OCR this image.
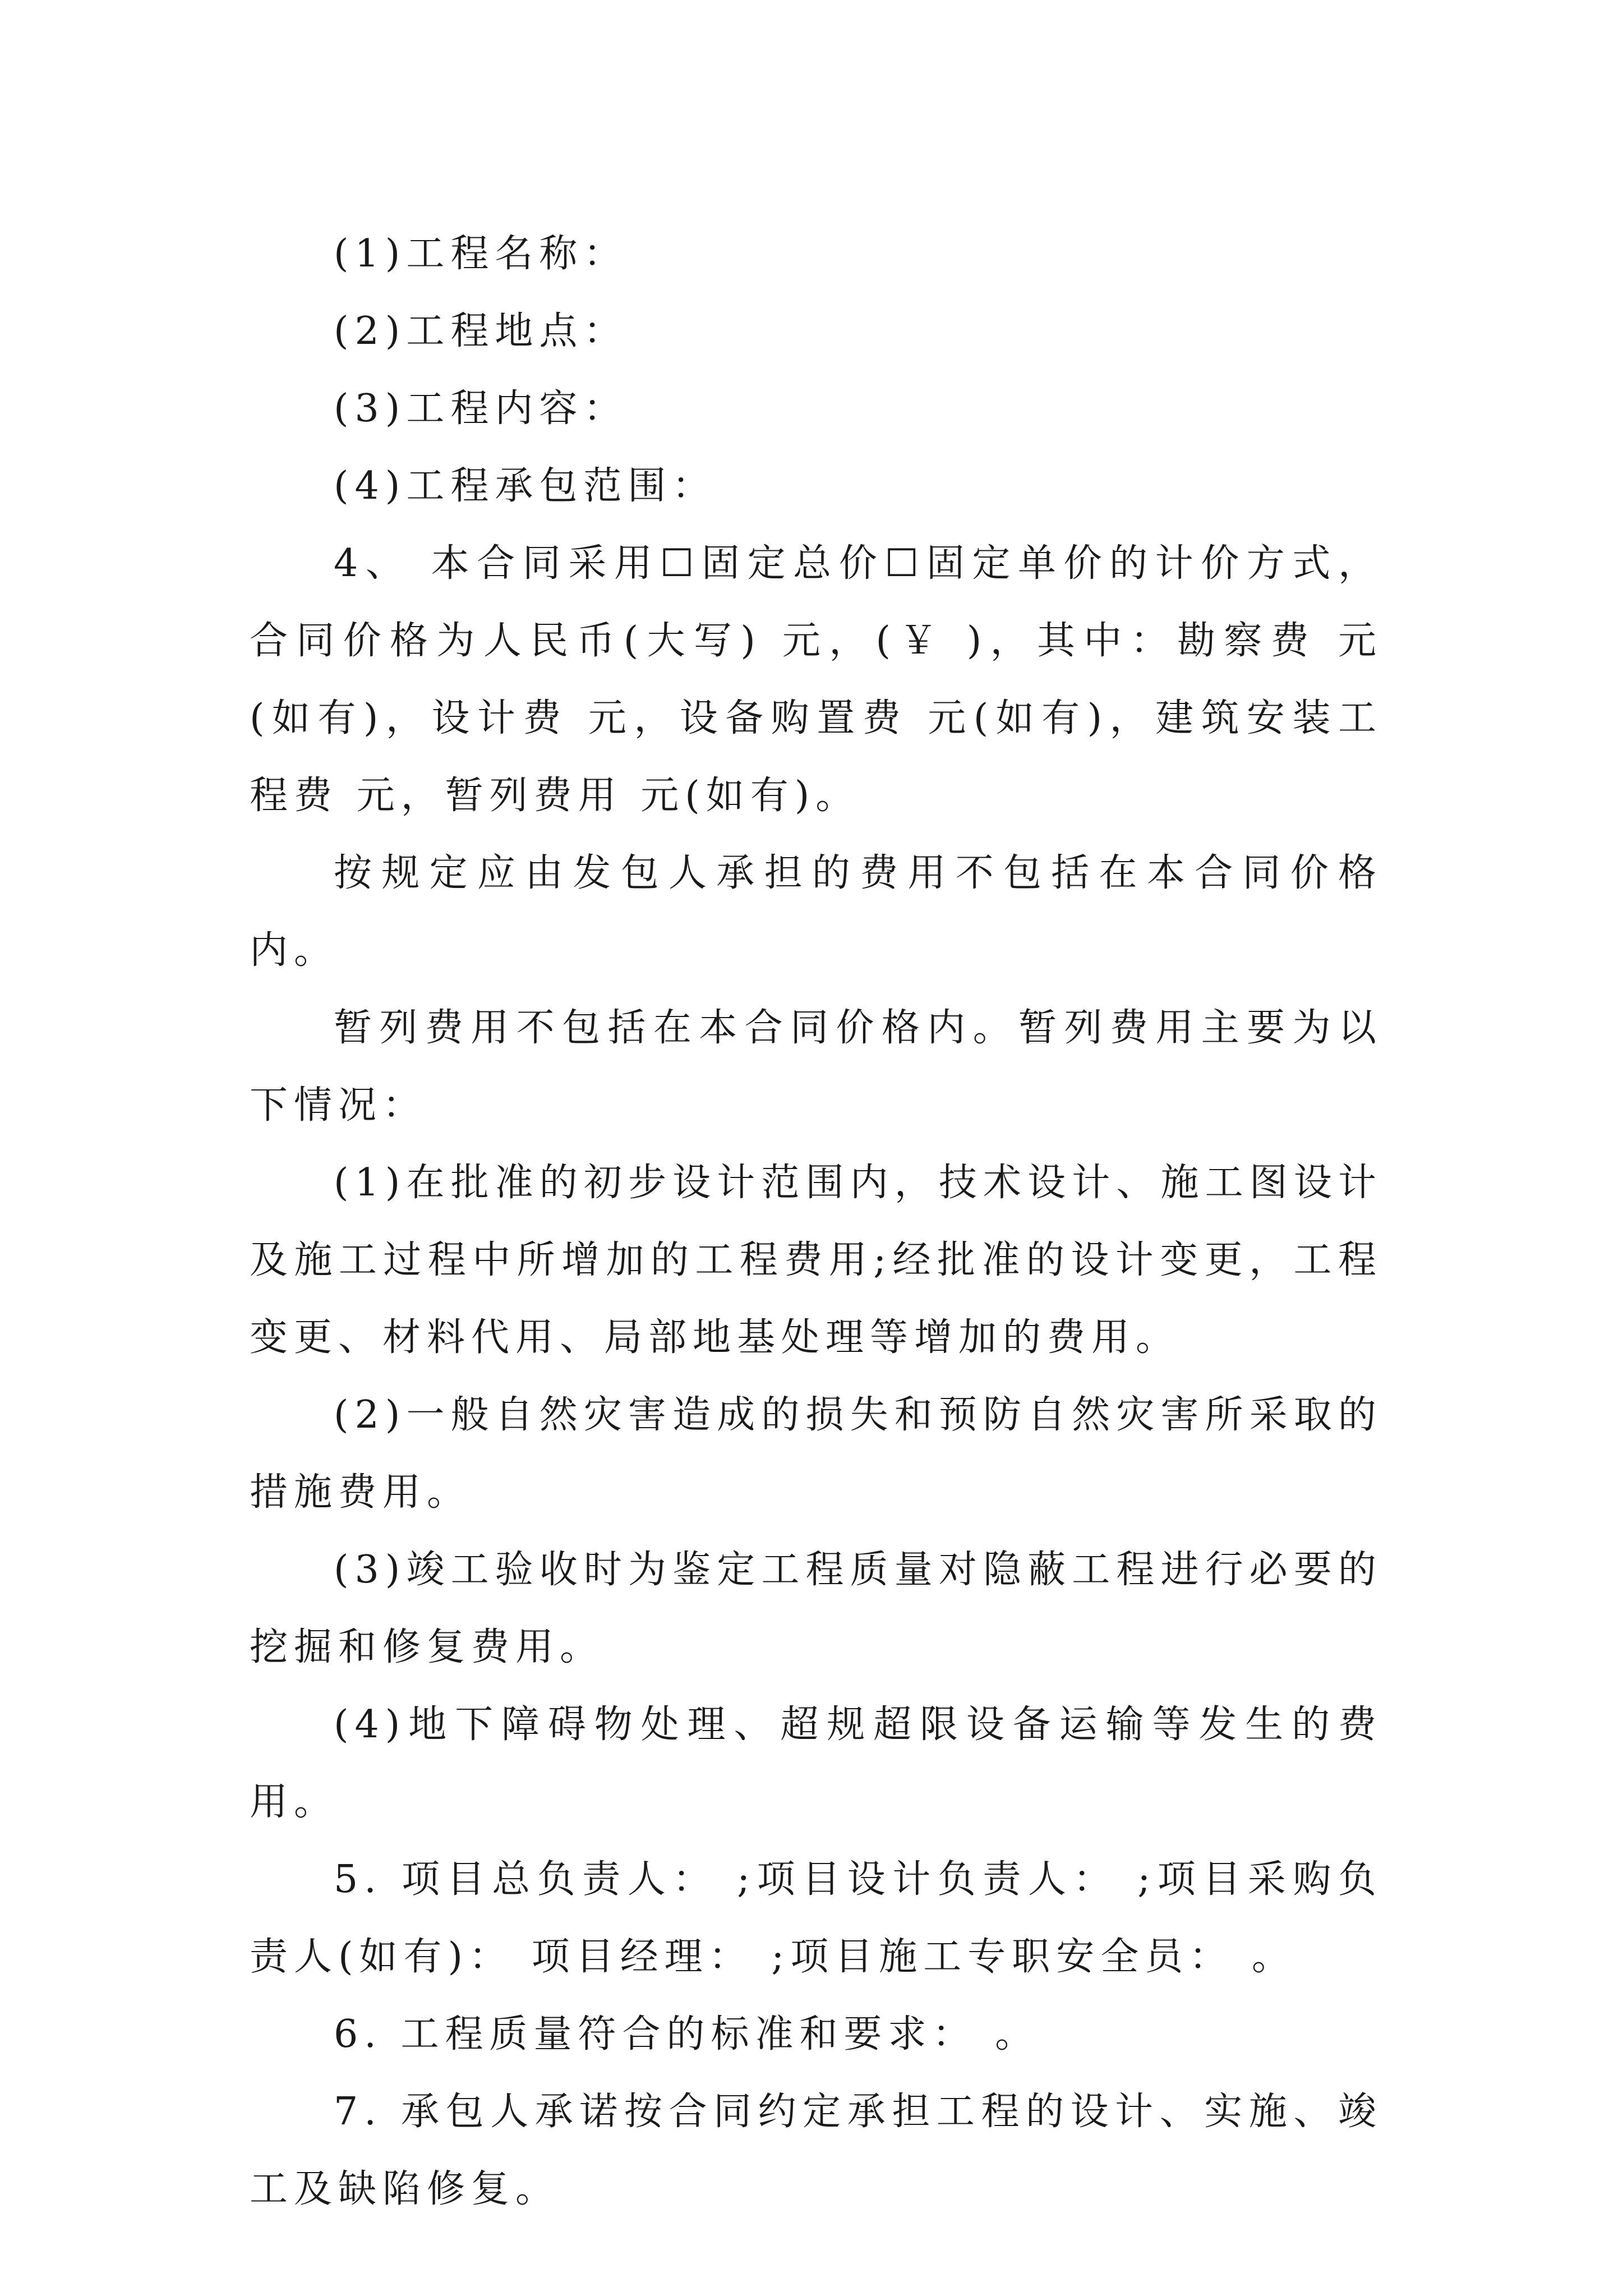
(1)工程名称：

(2)工程地点：

(3)工程内容：

(4)工程承包范围：

4、 本合同采用☐固定总价☐固定单价的计价方式，合同价格为人民币(大写) 元，(￥ )，其中：勘察费 元(如有)，设计费 元，设备购置费 元(如有)，建筑安装工程费 元，暂列费用 元(如有)。

按规定应由发包人承担的费用不包括在本合同价格内。

暂列费用不包括在本合同价格内。暂列费用主要为以下情况：

(1)在批准的初步设计范围内，技术设计、施工图设计及施工过程中所增加的工程费用;经批准的设计变更，工程变更、材料代用、局部地基处理等增加的费用。

(2)一般自然灾害造成的损失和预防自然灾害所采取的措施费用。

(3)竣工验收时为鉴定工程质量对隐蔽工程进行必要的挖掘和修复费用。

(4)地下障碍物处理、超规超限设备运输等发生的费用。

5. 项目总负责人： ;项目设计负责人： ;项目采购负责人(如有)： 项目经理： ;项目施工专职安全员： 。

6. 工程质量符合的标准和要求： 。

7. 承包人承诺按合同约定承担工程的设计、实施、竣工及缺陷修复。
